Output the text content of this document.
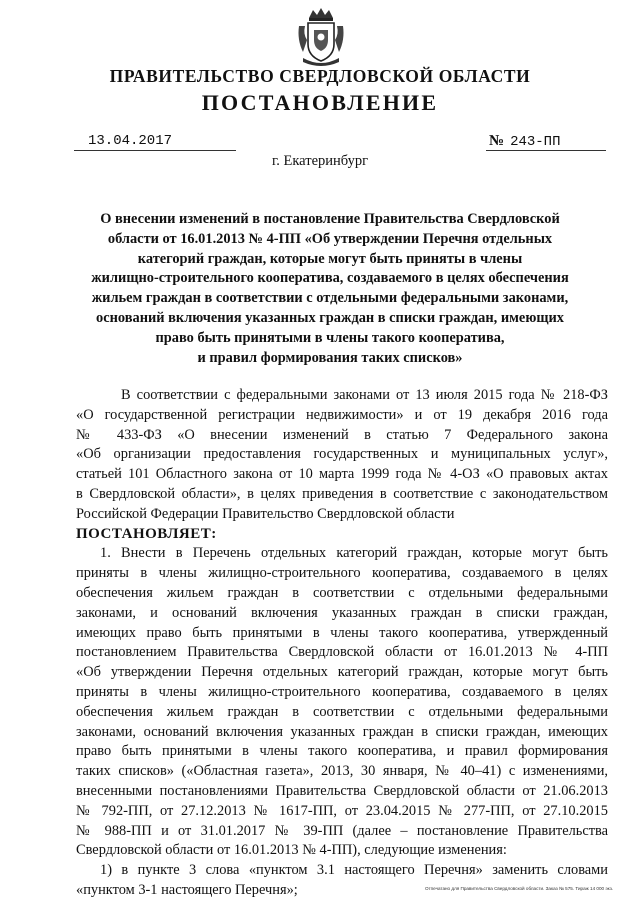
ПРАВИТЕЛЬСТВО СВЕРДЛОВСКОЙ ОБЛАСТИ
ПОСТАНОВЛЕНИЕ
13.04.2017	№ 243-ПП
г. Екатеринбург
О внесении изменений в постановление Правительства Свердловской
области от 16.01.2013 № 4-ПП «Об утверждении Перечня отдельных
категорий граждан, которые могут быть приняты в члены
жилищно-строительного кооператива, создаваемого в целях обеспечения
жильем граждан в соответствии с отдельными федеральными законами,
оснований включения указанных граждан в списки граждан, имеющих
право быть принятыми в члены такого кооператива,
и правил формирования таких списков»
В соответствии с федеральными законами от 13 июля 2015 года № 218-ФЗ
«О государственной регистрации недвижимости» и от 19 декабря 2016 года
№ 433-ФЗ «О внесении изменений в статью 7 Федерального закона
«Об организации предоставления государственных и муниципальных услуг»,
статьей 101 Областного закона от 10 марта 1999 года № 4-ОЗ «О правовых актах
в Свердловской области», в целях приведения в соответствие с законодательством
Российской Федерации Правительство Свердловской области
ПОСТАНОВЛЯЕТ:
1. Внести в Перечень отдельных категорий граждан, которые могут быть
приняты в члены жилищно-строительного кооператива, создаваемого в целях
обеспечения жильем граждан в соответствии с отдельными федеральными
законами, и оснований включения указанных граждан в списки граждан,
имеющих право быть принятыми в члены такого кооператива, утвержденный
постановлением Правительства Свердловской области от 16.01.2013 № 4-ПП
«Об утверждении Перечня отдельных категорий граждан, которые могут быть
приняты в члены жилищно-строительного кооператива, создаваемого в целях
обеспечения жильем граждан в соответствии с отдельными федеральными
законами, оснований включения указанных граждан в списки граждан, имеющих
право быть принятыми в члены такого кооператива, и правил формирования
таких списков» («Областная газета», 2013, 30 января, № 40–41) с изменениями,
внесенными постановлениями Правительства Свердловской области от 21.06.2013
№ 792-ПП, от 27.12.2013 № 1617-ПП, от 23.04.2015 № 277-ПП, от 27.10.2015
№ 988-ПП и от 31.01.2017 № 39-ПП (далее – постановление Правительства
Свердловской области от 16.01.2013 № 4-ПП), следующие изменения:
1) в пункте 3 слова «пунктом 3.1 настоящего Перечня» заменить словами
«пунктом 3-1 настоящего Перечня»;	Отпечатано для Правительства Свердловской области. Заказ № 575. Тираж 14 000 экз.
